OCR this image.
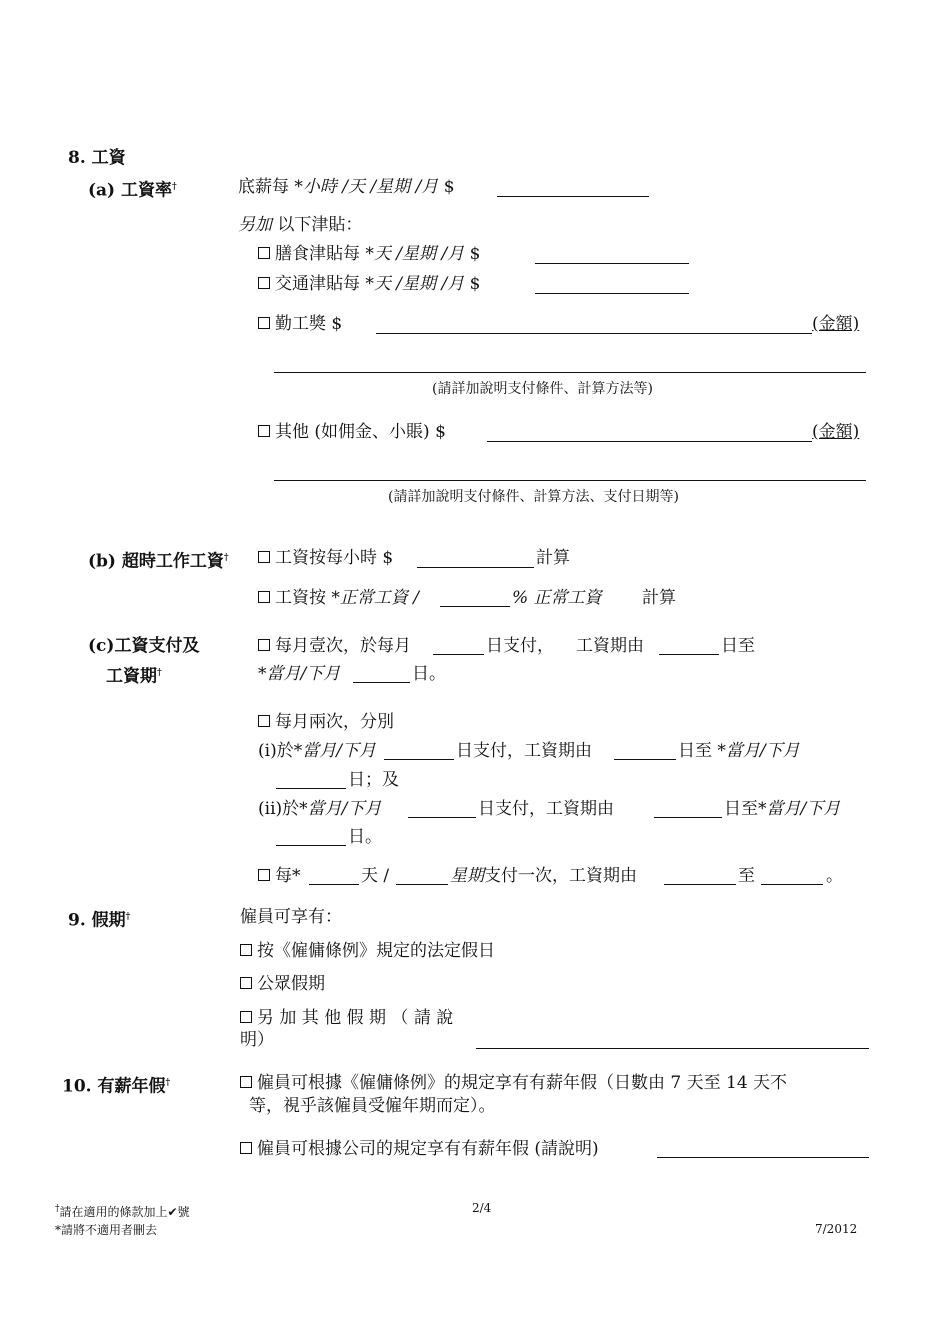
8. 工資
(a) 工資率†	底薪每 *小時 /天 /星期 /月 $
另加 以下津貼：
膳食津貼每 *天 /星期 /月 $
交通津貼每 *天 /星期 /月 $
勤工獎 $	(金額)
(請詳加說明支付條件、計算方法等)
其他 (如佣金、小賬) $	(金額)
(請詳加說明支付條件、計算方法、支付日期等)
(b) 超時工作工資†	工資按每小時 $	計算
工資按 *正常工資 /	% 正常工資 計算
(c)工資支付及
工資期†
每月壹次，於每月	日支付， 工資期由	日至
*當月/下月	日。
每月兩次，分別
(i)於*當月/下月	日支付，工資期由	日至 *當月/下月
日；及
(ii)於*當月/下月	日支付，工資期由	日至*當月/下月
日。
每*	天 /	星期支付一次，工資期由	至	。
9. 假期†	僱員可享有：
按《僱傭條例》規定的法定假日
公眾假期
另 加 其 他 假 期 （ 請 說
明）
10. 有薪年假†	僱員可根據《僱傭條例》的規定享有有薪年假（日數由 7 天至 14 天不
等，視乎該僱員受僱年期而定）。
僱員可根據公司的規定享有有薪年假 (請說明)
†請在適用的條款加上✔號
*請將不適用者刪去
2/4
7/2012
